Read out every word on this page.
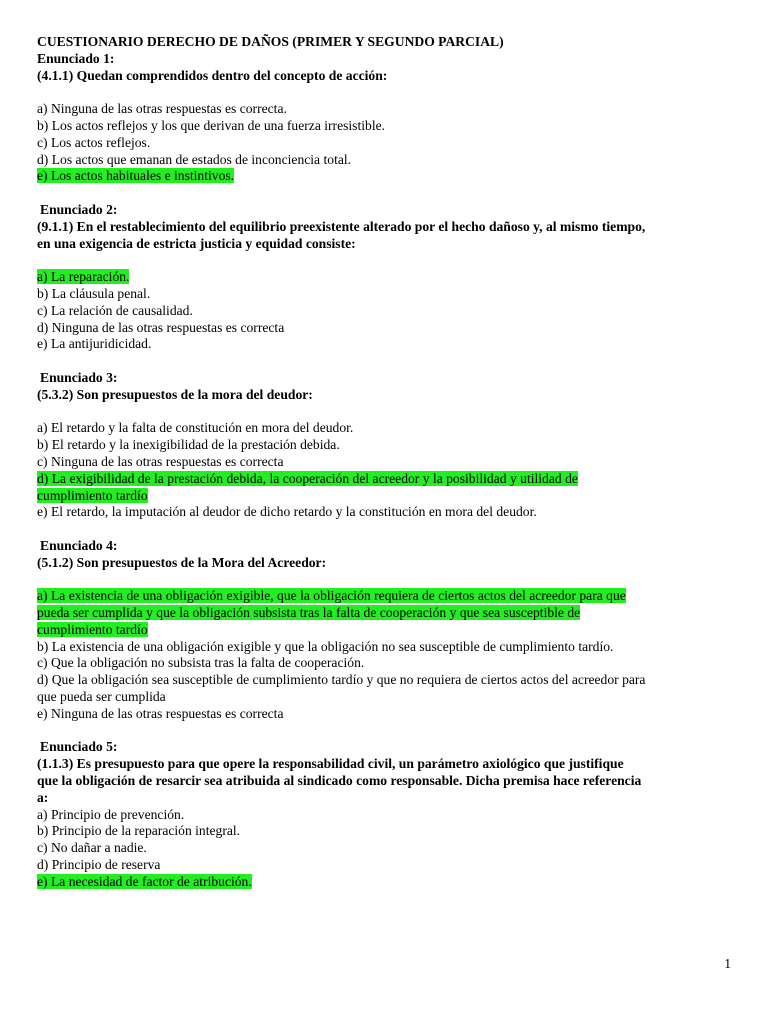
CUESTIONARIO DERECHO DE DAÑOS (PRIMER Y SEGUNDO PARCIAL)
Enunciado 1:
(4.1.1) Quedan comprendidos dentro del concepto de acción:
a) Ninguna de las otras respuestas es correcta.
b) Los actos reflejos y los que derivan de una fuerza irresistible.
c) Los actos reflejos.
d) Los actos que emanan de estados de inconciencia total.
e) Los actos habituales e instintivos.
Enunciado 2:
(9.1.1) En el restablecimiento del equilibrio preexistente alterado por el hecho dañoso y, al mismo tiempo,
en una exigencia de estricta justicia y equidad consiste:
a) La reparación.
b) La cláusula penal.
c) La relación de causalidad.
d) Ninguna de las otras respuestas es correcta
e) La antijuridicidad.
Enunciado 3:
(5.3.2) Son presupuestos de la mora del deudor:
a) El retardo y la falta de constitución en mora del deudor.
b) El retardo y la inexigibilidad de la prestación debida.
c) Ninguna de las otras respuestas es correcta
d) La exigibilidad de la prestación debida, la cooperación del acreedor y la posibilidad y utilidad de
cumplimiento tardío
e) El retardo, la imputación al deudor de dicho retardo y la constitución en mora del deudor.
Enunciado 4:
(5.1.2) Son presupuestos de la Mora del Acreedor:
a) La existencia de una obligación exigible, que la obligación requiera de ciertos actos del acreedor para que
pueda ser cumplida y que la obligación subsista tras la falta de cooperación y que sea susceptible de
cumplimiento tardío
b) La existencia de una obligación exigible y que la obligación no sea susceptible de cumplimiento tardío.
c) Que la obligación no subsista tras la falta de cooperación.
d) Que la obligación sea susceptible de cumplimiento tardío y que no requiera de ciertos actos del acreedor para
que pueda ser cumplida
e) Ninguna de las otras respuestas es correcta
Enunciado 5:
(1.1.3) Es presupuesto para que opere la responsabilidad civil, un parámetro axiológico que justifique
que la obligación de resarcir sea atribuida al sindicado como responsable. Dicha premisa hace referencia
a:
a) Principio de prevención.
b) Principio de la reparación integral.
c) No dañar a nadie.
d) Principio de reserva
e) La necesidad de factor de atribución.
1
